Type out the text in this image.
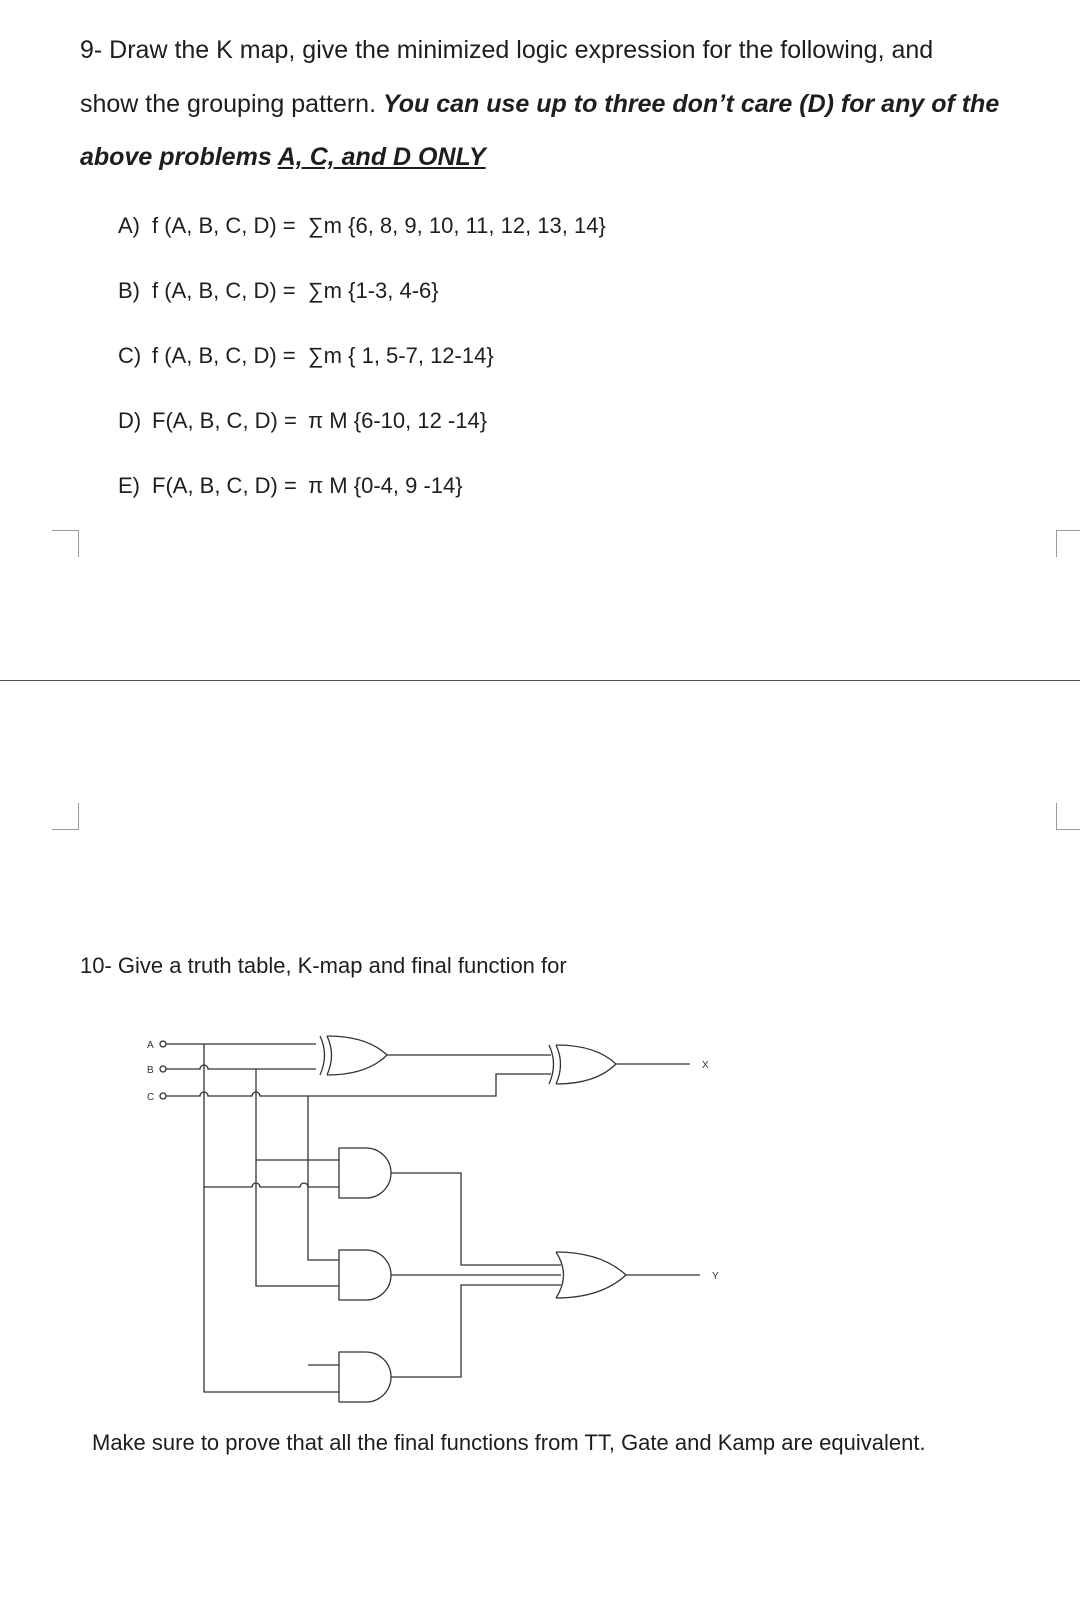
9- Draw the K map, give the minimized logic expression for the following, and
show the grouping pattern. You can use up to three don’t care (D) for any of the
above problems A, C, and D ONLY
A) f (A, B, C, D) = ∑m {6, 8, 9, 10, 11, 12, 13, 14}
B) f (A, B, C, D) = ∑m {1-3, 4-6}
C) f (A, B, C, D) = ∑m { 1, 5-7, 12-14}
D) F(A, B, C, D) = π M {6-10, 12 -14}
E) F(A, B, C, D) = π M {0-4, 9 -14}
10- Give a truth table, K-map and final function for
A
B
C
X
Y
Make sure to prove that all the final functions from TT, Gate and Kamp are equivalent.
